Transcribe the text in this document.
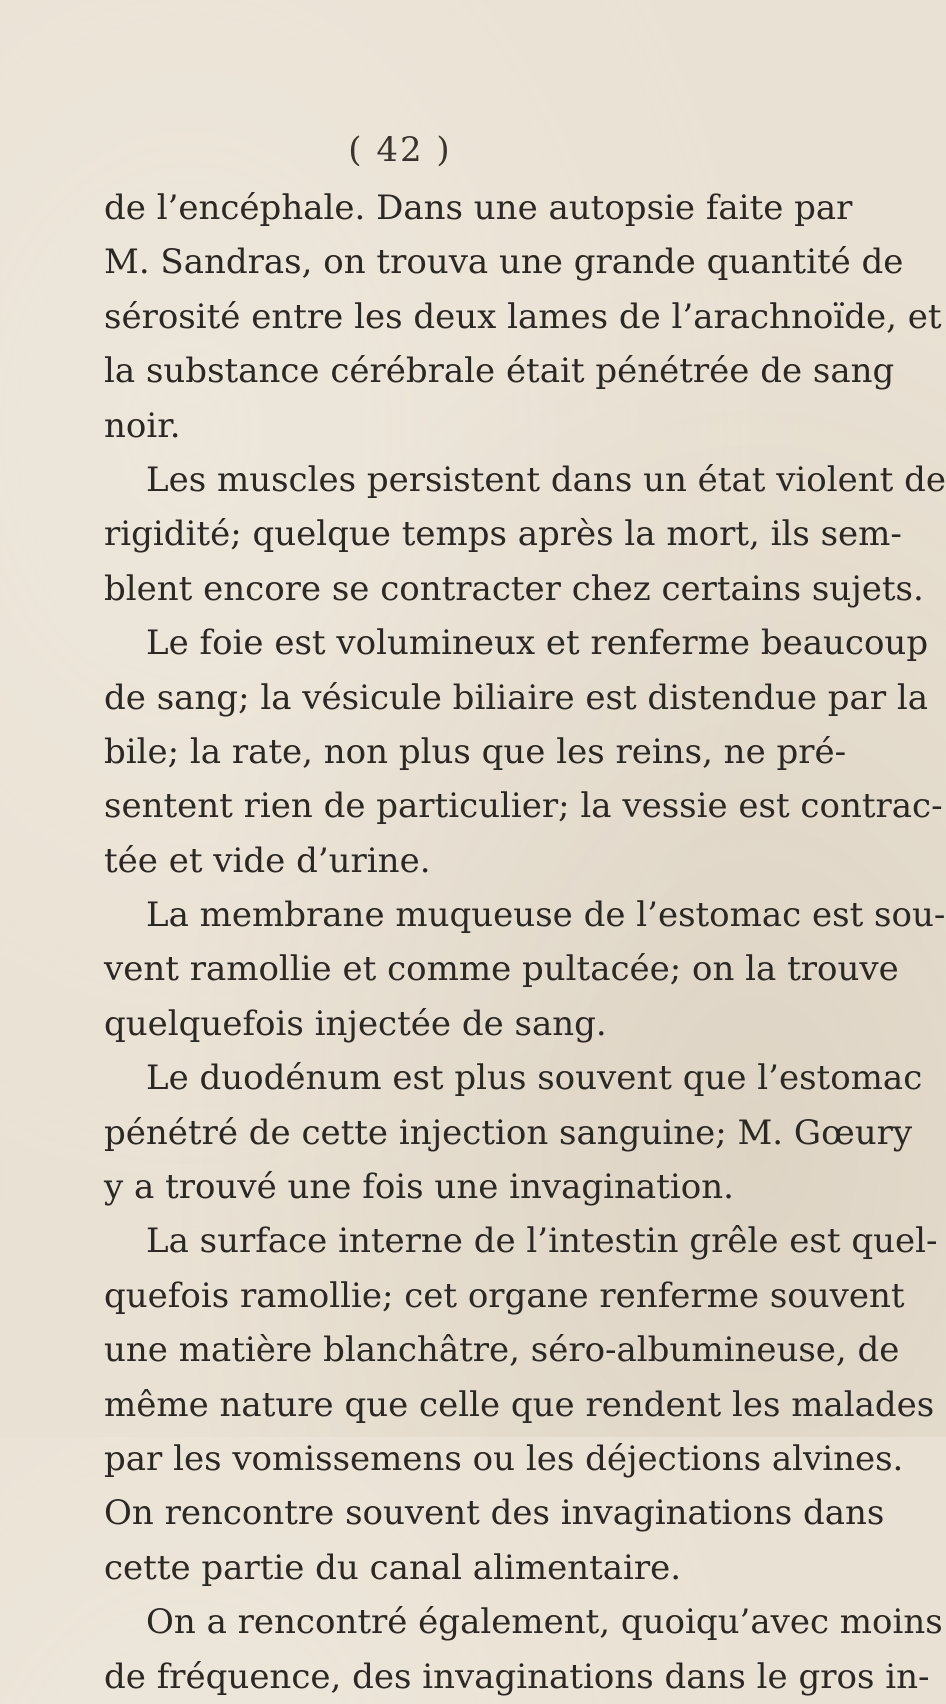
( 42 )
de l’encéphale. Dans une autopsie faite par
M. Sandras, on trouva une grande quantité de
sérosité entre les deux lames de l’arachnoïde, et
la substance cérébrale était pénétrée de sang
noir.
Les muscles persistent dans un état violent de
rigidité; quelque temps après la mort, ils sem-
blent encore se contracter chez certains sujets.
Le foie est volumineux et renferme beaucoup
de sang; la vésicule biliaire est distendue par la
bile; la rate, non plus que les reins, ne pré-
sentent rien de particulier; la vessie est contrac-
tée et vide d’urine.
La membrane muqueuse de l’estomac est sou-
vent ramollie et comme pultacée; on la trouve
quelquefois injectée de sang.
Le duodénum est plus souvent que l’estomac
pénétré de cette injection sanguine; M. Gœury
y a trouvé une fois une invagination.
La surface interne de l’intestin grêle est quel-
quefois ramollie; cet organe renferme souvent
une matière blanchâtre, séro-albumineuse, de
même nature que celle que rendent les malades
par les vomissemens ou les déjections alvines.
On rencontre souvent des invaginations dans
cette partie du canal alimentaire.
On a rencontré également, quoiqu’avec moins
de fréquence, des invaginations dans le gros in-
